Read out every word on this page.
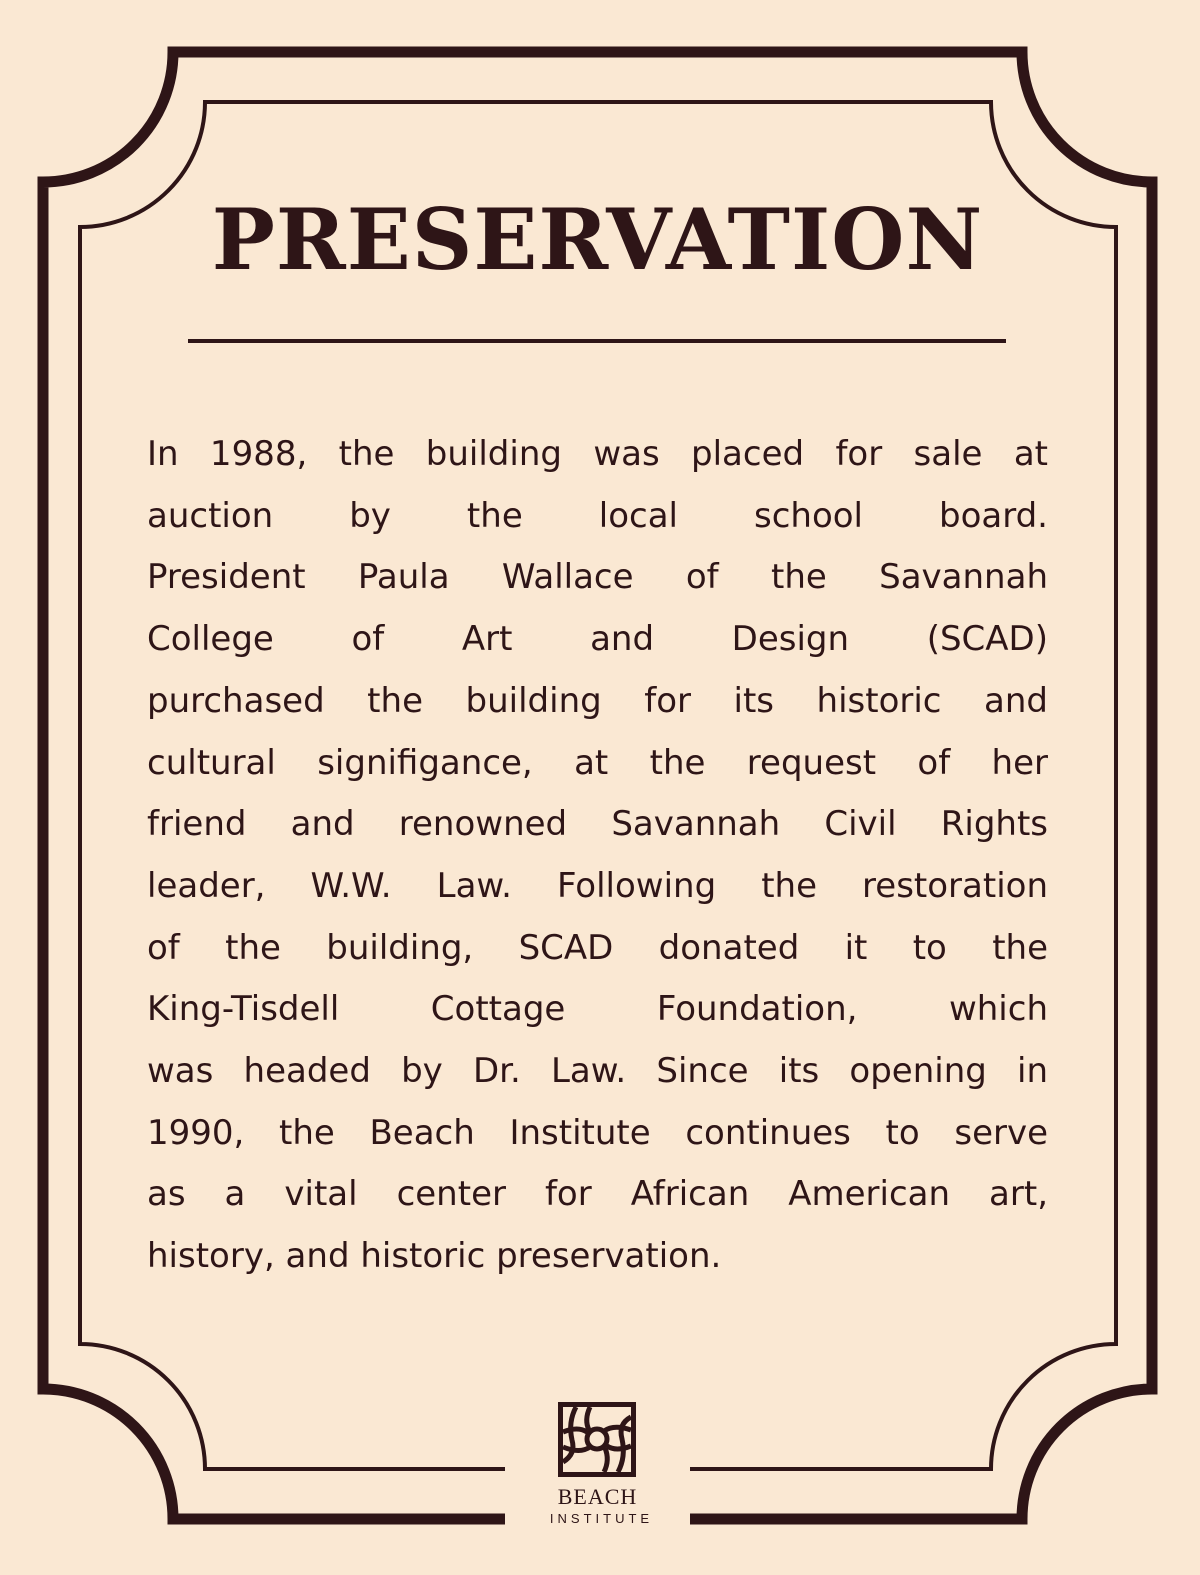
PRESERVATION
In 1988, the building was placed for sale at
auction by the local school board.
President Paula Wallace of the Savannah
College of Art and Design (SCAD)
purchased the building for its historic and
cultural signifigance, at the request of her
friend and renowned Savannah Civil Rights
leader, W.W. Law. Following the restoration
of the building, SCAD donated it to the
King-Tisdell Cottage Foundation, which
was headed by Dr. Law. Since its opening in
1990, the Beach Institute continues to serve
as a vital center for African American art,
history, and historic preservation.
BEACH
INSTITUTE
